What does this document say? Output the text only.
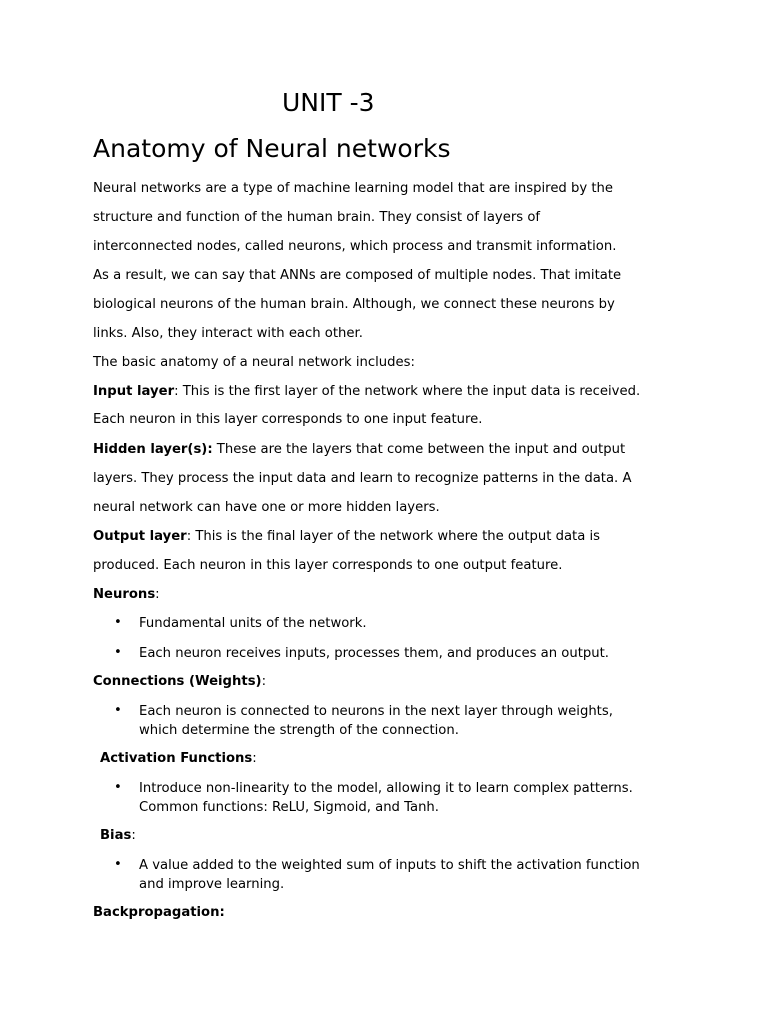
UNIT -3
Anatomy of Neural networks
Neural networks are a type of machine learning model that are inspired by the
structure and function of the human brain. They consist of layers of
interconnected nodes, called neurons, which process and transmit information.
As a result, we can say that ANNs are composed of multiple nodes. That imitate
biological neurons of the human brain. Although, we connect these neurons by
links. Also, they interact with each other.
The basic anatomy of a neural network includes:
Input layer: This is the first layer of the network where the input data is received.
Each neuron in this layer corresponds to one input feature.
Hidden layer(s): These are the layers that come between the input and output
layers. They process the input data and learn to recognize patterns in the data. A
neural network can have one or more hidden layers.
Output layer: This is the final layer of the network where the output data is
produced. Each neuron in this layer corresponds to one output feature.
Neurons:
• Fundamental units of the network.
• Each neuron receives inputs, processes them, and produces an output.
Connections (Weights):
• Each neuron is connected to neurons in the next layer through weights, which determine the strength of the connection.
Activation Functions:
• Introduce non-linearity to the model, allowing it to learn complex patterns. Common functions: ReLU, Sigmoid, and Tanh.
Bias:
• A value added to the weighted sum of inputs to shift the activation function and improve learning.
Backpropagation:
